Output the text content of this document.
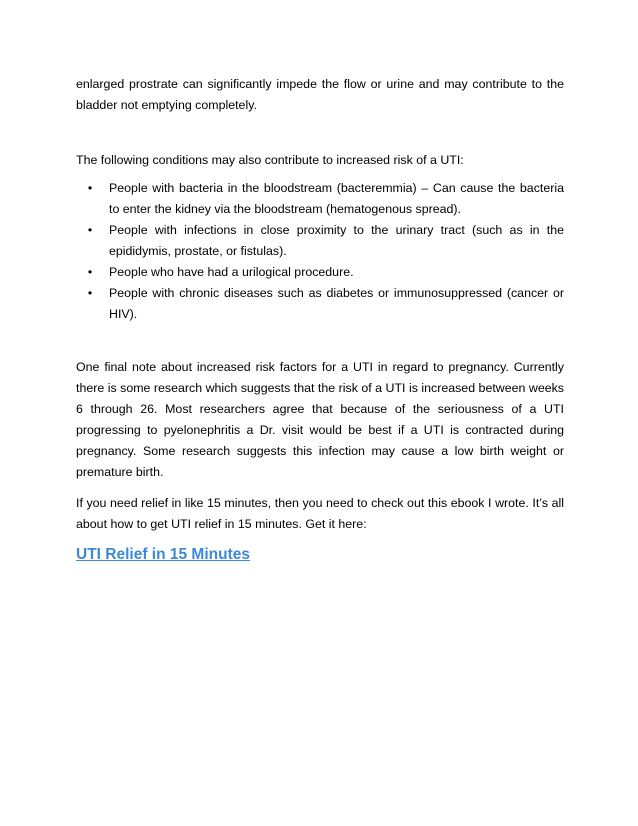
enlarged prostrate can significantly impede the flow or urine and may contribute to the bladder not emptying completely.

The following conditions may also contribute to increased risk of a UTI:

• People with bacteria in the bloodstream (bacteremmia) – Can cause the bacteria to enter the kidney via the bloodstream (hematogenous spread).
• People with infections in close proximity to the urinary tract (such as in the epididymis, prostate, or fistulas).
• People who have had a urilogical procedure.
• People with chronic diseases such as diabetes or immunosuppressed (cancer or HIV).

One final note about increased risk factors for a UTI in regard to pregnancy. Currently there is some research which suggests that the risk of a UTI is increased between weeks 6 through 26. Most researchers agree that because of the seriousness of a UTI progressing to pyelonephritis a Dr. visit would be best if a UTI is contracted during pregnancy. Some research suggests this infection may cause a low birth weight or premature birth.

If you need relief in like 15 minutes, then you need to check out this ebook I wrote. It’s all about how to get UTI relief in 15 minutes. Get it here:

UTI Relief in 15 Minutes
